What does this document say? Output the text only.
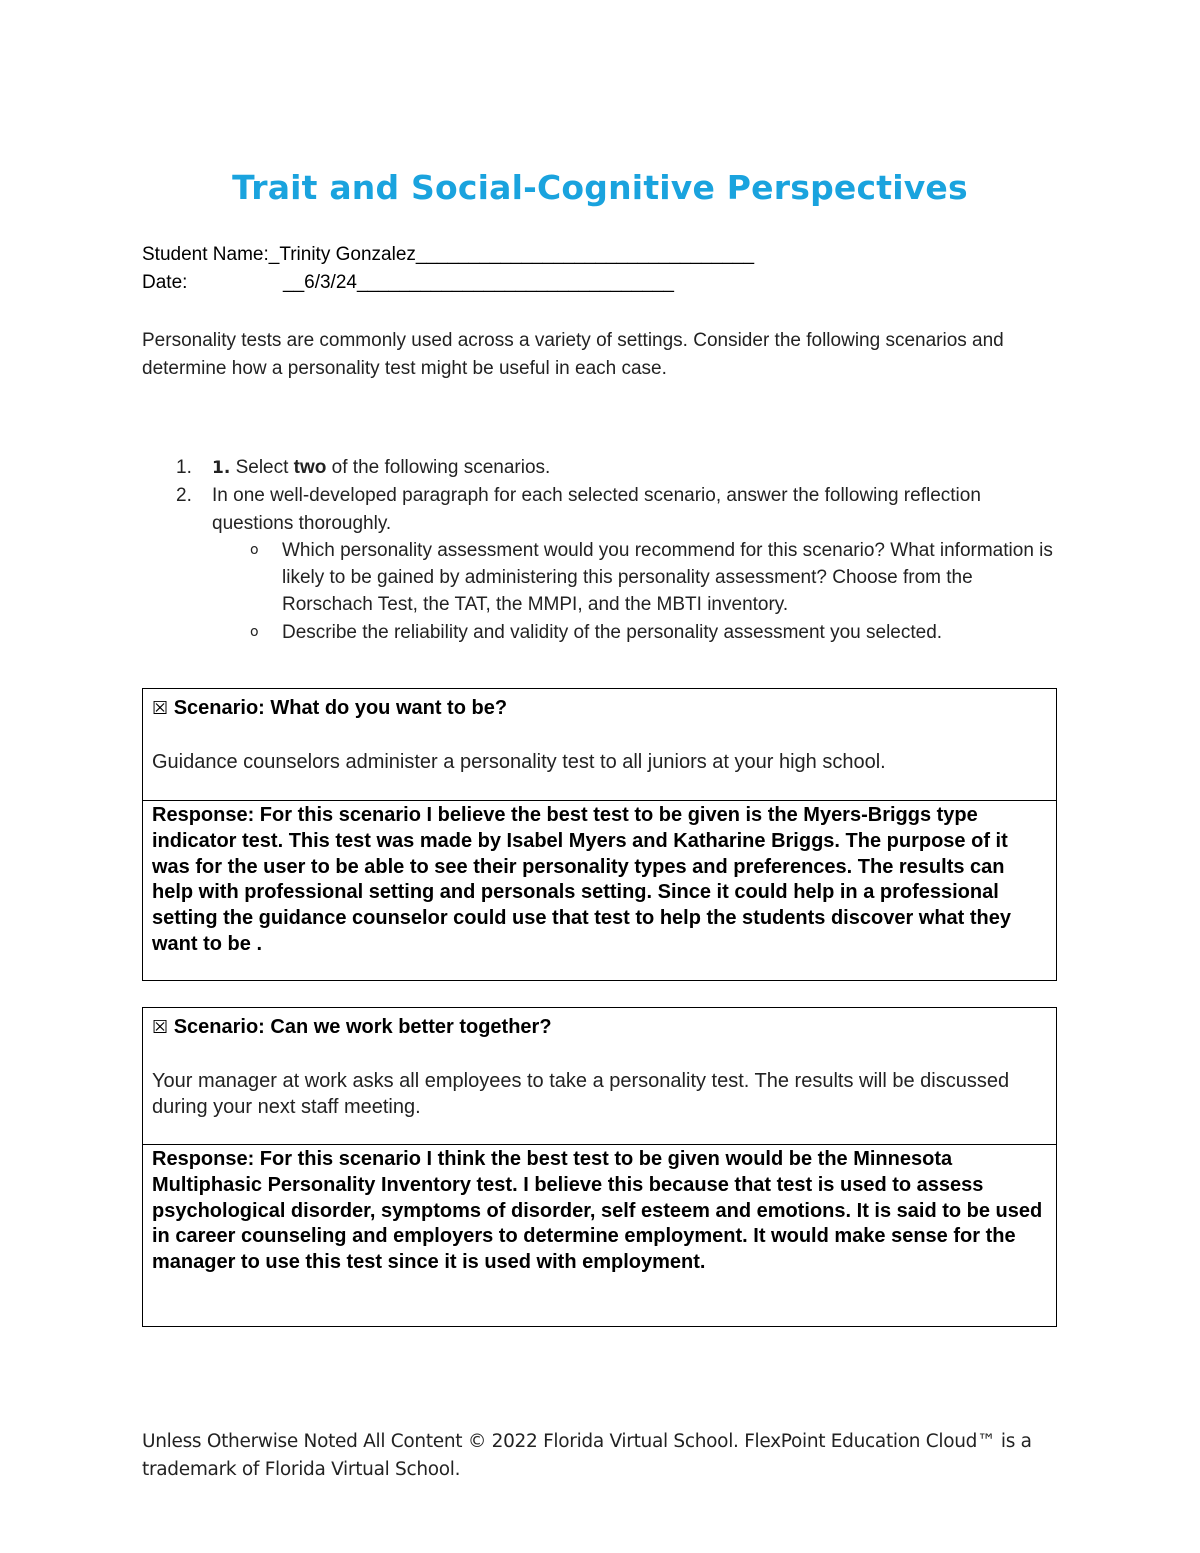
Trait and Social-Cognitive Perspectives
Student Name:_Trinity Gonzalez________________________________
Date:	__6/3/24______________________________
Personality tests are commonly used across a variety of settings. Consider the following scenarios and determine how a personality test might be useful in each case.
1. 1. Select two of the following scenarios.
2. In one well-developed paragraph for each selected scenario, answer the following reflection questions thoroughly.
o Which personality assessment would you recommend for this scenario? What information is likely to be gained by administering this personality assessment? Choose from the Rorschach Test, the TAT, the MMPI, and the MBTI inventory.
o Describe the reliability and validity of the personality assessment you selected.
☒ Scenario: What do you want to be?
Guidance counselors administer a personality test to all juniors at your high school.
Response: For this scenario I believe the best test to be given is the Myers-Briggs type indicator test. This test was made by Isabel Myers and Katharine Briggs. The purpose of it was for the user to be able to see their personality types and preferences. The results can help with professional setting and personals setting. Since it could help in a professional setting the guidance counselor could use that test to help the students discover what they want to be .
☒ Scenario: Can we work better together?
Your manager at work asks all employees to take a personality test. The results will be discussed during your next staff meeting.
Response: For this scenario I think the best test to be given would be the Minnesota Multiphasic Personality Inventory test. I believe this because that test is used to assess psychological disorder, symptoms of disorder, self esteem and emotions. It is said to be used in career counseling and employers to determine employment. It would make sense for the manager to use this test since it is used with employment.
Unless Otherwise Noted All Content © 2022 Florida Virtual School. FlexPoint Education Cloud™ is a trademark of Florida Virtual School.
